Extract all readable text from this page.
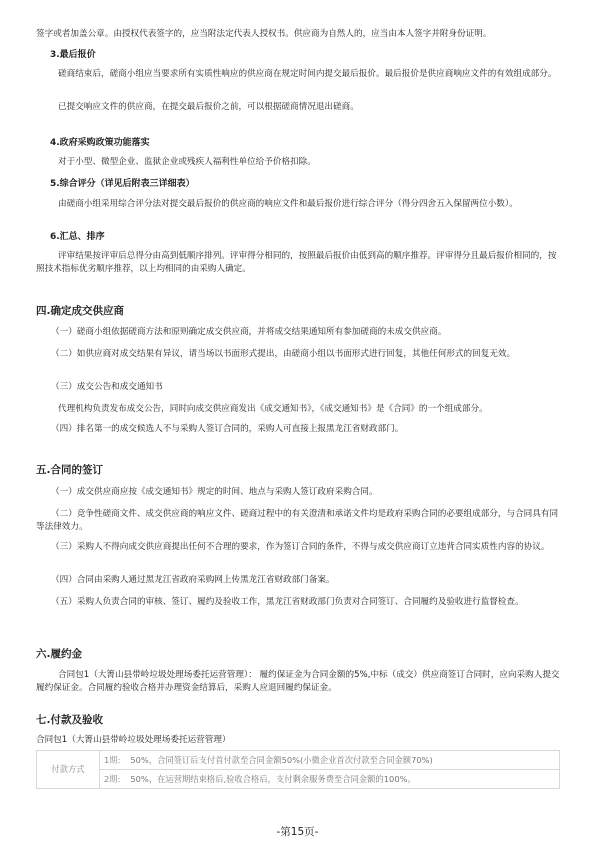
签字或者加盖公章。由授权代表签字的，应当附法定代表人授权书。供应商为自然人的，应当由本人签字并附身份证明。

3.最后报价

磋商结束后，磋商小组应当要求所有实质性响应的供应商在规定时间内提交最后报价。最后报价是供应商响应文件的有效组成部分。

已提交响应文件的供应商，在提交最后报价之前，可以根据磋商情况退出磋商。

4.政府采购政策功能落实

对于小型、微型企业、监狱企业或残疾人福利性单位给予价格扣除。

5.综合评分（详见后附表三详细表）

由磋商小组采用综合评分法对提交最后报价的供应商的响应文件和最后报价进行综合评分（得分四舍五入保留两位小数）。

6.汇总、排序

评审结果按评审后总得分由高到低顺序排列。评审得分相同的，按照最后报价由低到高的顺序推荐。评审得分且最后报价相同的，按照技术指标优劣顺序推荐，以上均相同的由采购人确定。

四.确定成交供应商

（一）磋商小组依据磋商方法和原则确定成交供应商，并将成交结果通知所有参加磋商的未成交供应商。

（二）如供应商对成交结果有异议，请当场以书面形式提出，由磋商小组以书面形式进行回复，其他任何形式的回复无效。

（三）成交公告和成交通知书

代理机构负责发布成交公告，同时向成交供应商发出《成交通知书》，《成交通知书》是《合同》的一个组成部分。

（四）排名第一的成交候选人不与采购人签订合同的，采购人可直接上报黑龙江省财政部门。

五.合同的签订

（一）成交供应商应按《成交通知书》规定的时间、地点与采购人签订政府采购合同。

（二）竞争性磋商文件、成交供应商的响应文件、磋商过程中的有关澄清和承诺文件均是政府采购合同的必要组成部分，与合同具有同等法律效力。

（三）采购人不得向成交供应商提出任何不合理的要求，作为签订合同的条件，不得与成交供应商订立违背合同实质性内容的协议。

（四）合同由采购人通过黑龙江省政府采购网上传黑龙江省财政部门备案。

（五）采购人负责合同的审核、签订、履约及验收工作，黑龙江省财政部门负责对合同签订、合同履约及验收进行监督检查。

六.履约金

合同包1（大箐山县带岭垃圾处理场委托运营管理）： 履约保证金为合同金额的5%,中标（成交）供应商签订合同时，应向采购人提交履约保证金。合同履约验收合格并办理资金结算后，采购人应退回履约保证金。

七.付款及验收

合同包1（大箐山县带岭垃圾处理场委托运营管理）

付款方式	1期: 50%，合同签订后支付首付款至合同金额50%(小微企业首次付款至合同金额70%)
2期: 50%，在运营期结束格后,验收合格后，支付剩余服务费至合同金额的100%。
-第15页-
